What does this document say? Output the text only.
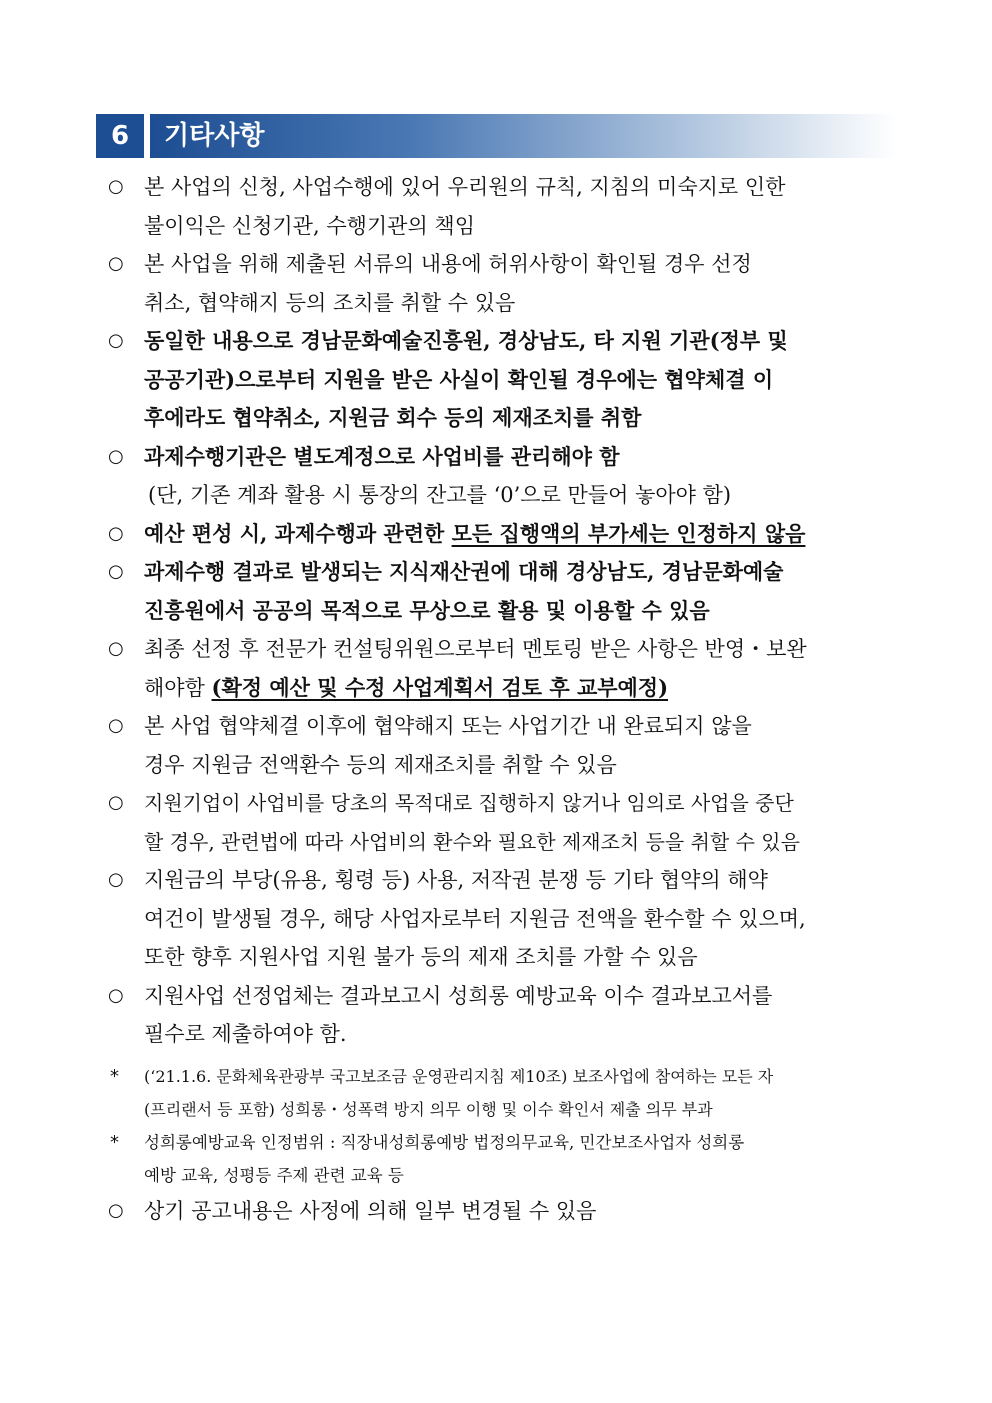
6	기타사항

○ 본 사업의 신청, 사업수행에 있어 우리원의 규칙, 지침의 미숙지로 인한
불이익은 신청기관, 수행기관의 책임

○ 본 사업을 위해 제출된 서류의 내용에 허위사항이 확인될 경우 선정
취소, 협약해지 등의 조치를 취할 수 있음

○ 동일한 내용으로 경남문화예술진흥원, 경상남도, 타 지원 기관(정부 및
공공기관)으로부터 지원을 받은 사실이 확인될 경우에는 협약체결 이
후에라도 협약취소, 지원금 회수 등의 제재조치를 취함

○ 과제수행기관은 별도계정으로 사업비를 관리해야 함
(단, 기존 계좌 활용 시 통장의 잔고를 ‘0’으로 만들어 놓아야 함)

○ 예산 편성 시, 과제수행과 관련한 모든 집행액의 부가세는 인정하지 않음

○ 과제수행 결과로 발생되는 지식재산권에 대해 경상남도, 경남문화예술
진흥원에서 공공의 목적으로 무상으로 활용 및 이용할 수 있음

○ 최종 선정 후 전문가 컨설팅위원으로부터 멘토링 받은 사항은 반영・보완
해야함 (확정 예산 및 수정 사업계획서 검토 후 교부예정)

○ 본 사업 협약체결 이후에 협약해지 또는 사업기간 내 완료되지 않을
경우 지원금 전액환수 등의 제재조치를 취할 수 있음

○ 지원기업이 사업비를 당초의 목적대로 집행하지 않거나 임의로 사업을 중단
할 경우, 관련법에 따라 사업비의 환수와 필요한 제재조치 등을 취할 수 있음

○ 지원금의 부당(유용, 횡령 등) 사용, 저작권 분쟁 등 기타 협약의 해약
여건이 발생될 경우, 해당 사업자로부터 지원금 전액을 환수할 수 있으며,
또한 향후 지원사업 지원 불가 등의 제재 조치를 가할 수 있음

○ 지원사업 선정업체는 결과보고시 성희롱 예방교육 이수 결과보고서를
필수로 제출하여야 함.

* (‘21.1.6. 문화체육관광부 국고보조금 운영관리지침 제10조) 보조사업에 참여하는 모든 자
(프리랜서 등 포함) 성희롱・성폭력 방지 의무 이행 및 이수 확인서 제출 의무 부과

* 성희롱예방교육 인정범위 : 직장내성희롱예방 법정의무교육, 민간보조사업자 성희롱
예방 교육, 성평등 주제 관련 교육 등

○ 상기 공고내용은 사정에 의해 일부 변경될 수 있음
